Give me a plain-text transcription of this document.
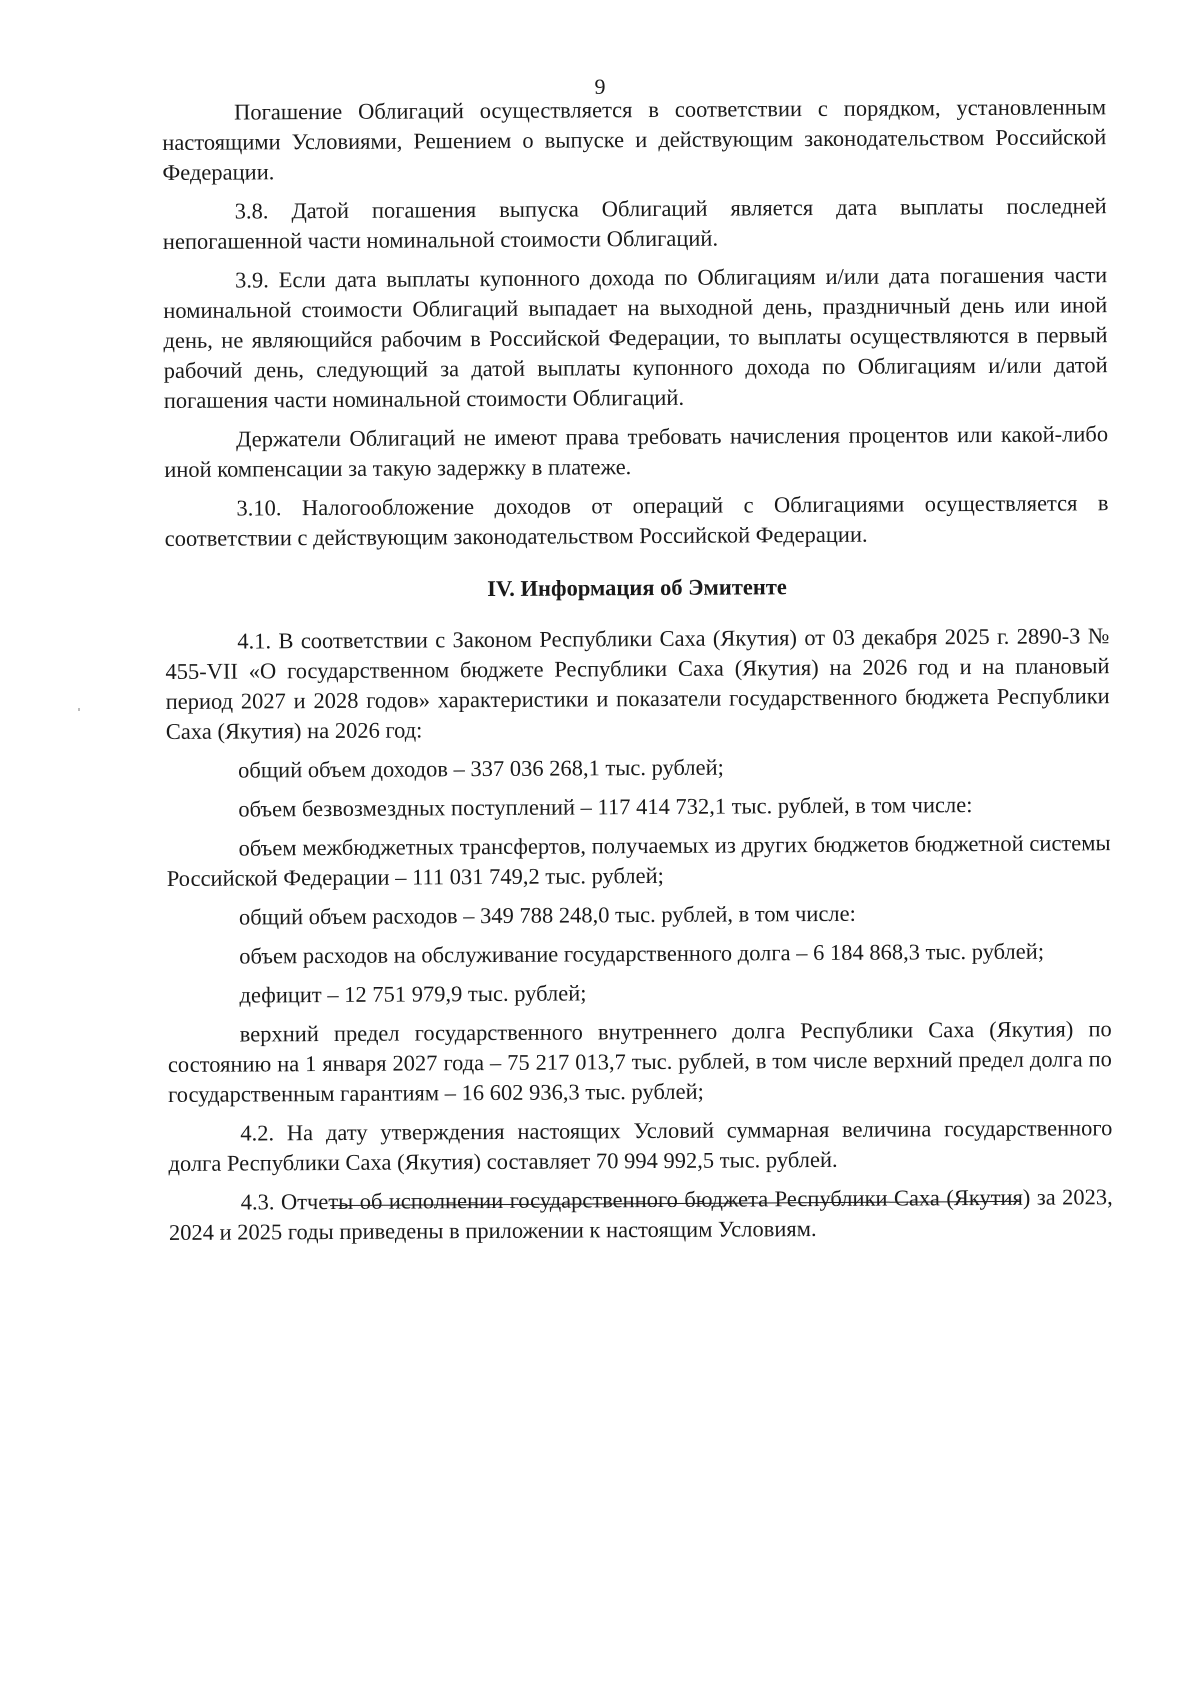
9

Погашение Облигаций осуществляется в соответствии с порядком, установленным настоящими Условиями, Решением о выпуске и действующим законодательством Российской Федерации.

3.8. Датой погашения выпуска Облигаций является дата выплаты последней непогашенной части номинальной стоимости Облигаций.

3.9. Если дата выплаты купонного дохода по Облигациям и/или дата погашения части номинальной стоимости Облигаций выпадает на выходной день, праздничный день или иной день, не являющийся рабочим в Российской Федерации, то выплаты осуществляются в первый рабочий день, следующий за датой выплаты купонного дохода по Облигациям и/или датой погашения части номинальной стоимости Облигаций.

Держатели Облигаций не имеют права требовать начисления процентов или какой-либо иной компенсации за такую задержку в платеже.

3.10. Налогообложение доходов от операций с Облигациями осуществляется в соответствии с действующим законодательством Российской Федерации.

IV. Информация об Эмитенте

4.1. В соответствии с Законом Республики Саха (Якутия) от 03 декабря 2025 г. 2890-З № 455-VII «О государственном бюджете Республики Саха (Якутия) на 2026 год и на плановый период 2027 и 2028 годов» характеристики и показатели государственного бюджета Республики Саха (Якутия) на 2026 год:

общий объем доходов – 337 036 268,1 тыс. рублей;

объем безвозмездных поступлений – 117 414 732,1 тыс. рублей, в том числе:

объем межбюджетных трансфертов, получаемых из других бюджетов бюджетной системы Российской Федерации – 111 031 749,2 тыс. рублей;

общий объем расходов – 349 788 248,0 тыс. рублей, в том числе:

объем расходов на обслуживание государственного долга – 6 184 868,3 тыс. рублей;

дефицит – 12 751 979,9 тыс. рублей;

верхний предел государственного внутреннего долга Республики Саха (Якутия) по состоянию на 1 января 2027 года – 75 217 013,7 тыс. рублей, в том числе верхний предел долга по государственным гарантиям – 16 602 936,3 тыс. рублей;

4.2. На дату утверждения настоящих Условий суммарная величина государственного долга Республики Саха (Якутия) составляет 70 994 992,5 тыс. рублей.

4.3. Отчеты об исполнении государственного бюджета Республики Саха (Якутия) за 2023, 2024 и 2025 годы приведены в приложении к настоящим Условиям.
